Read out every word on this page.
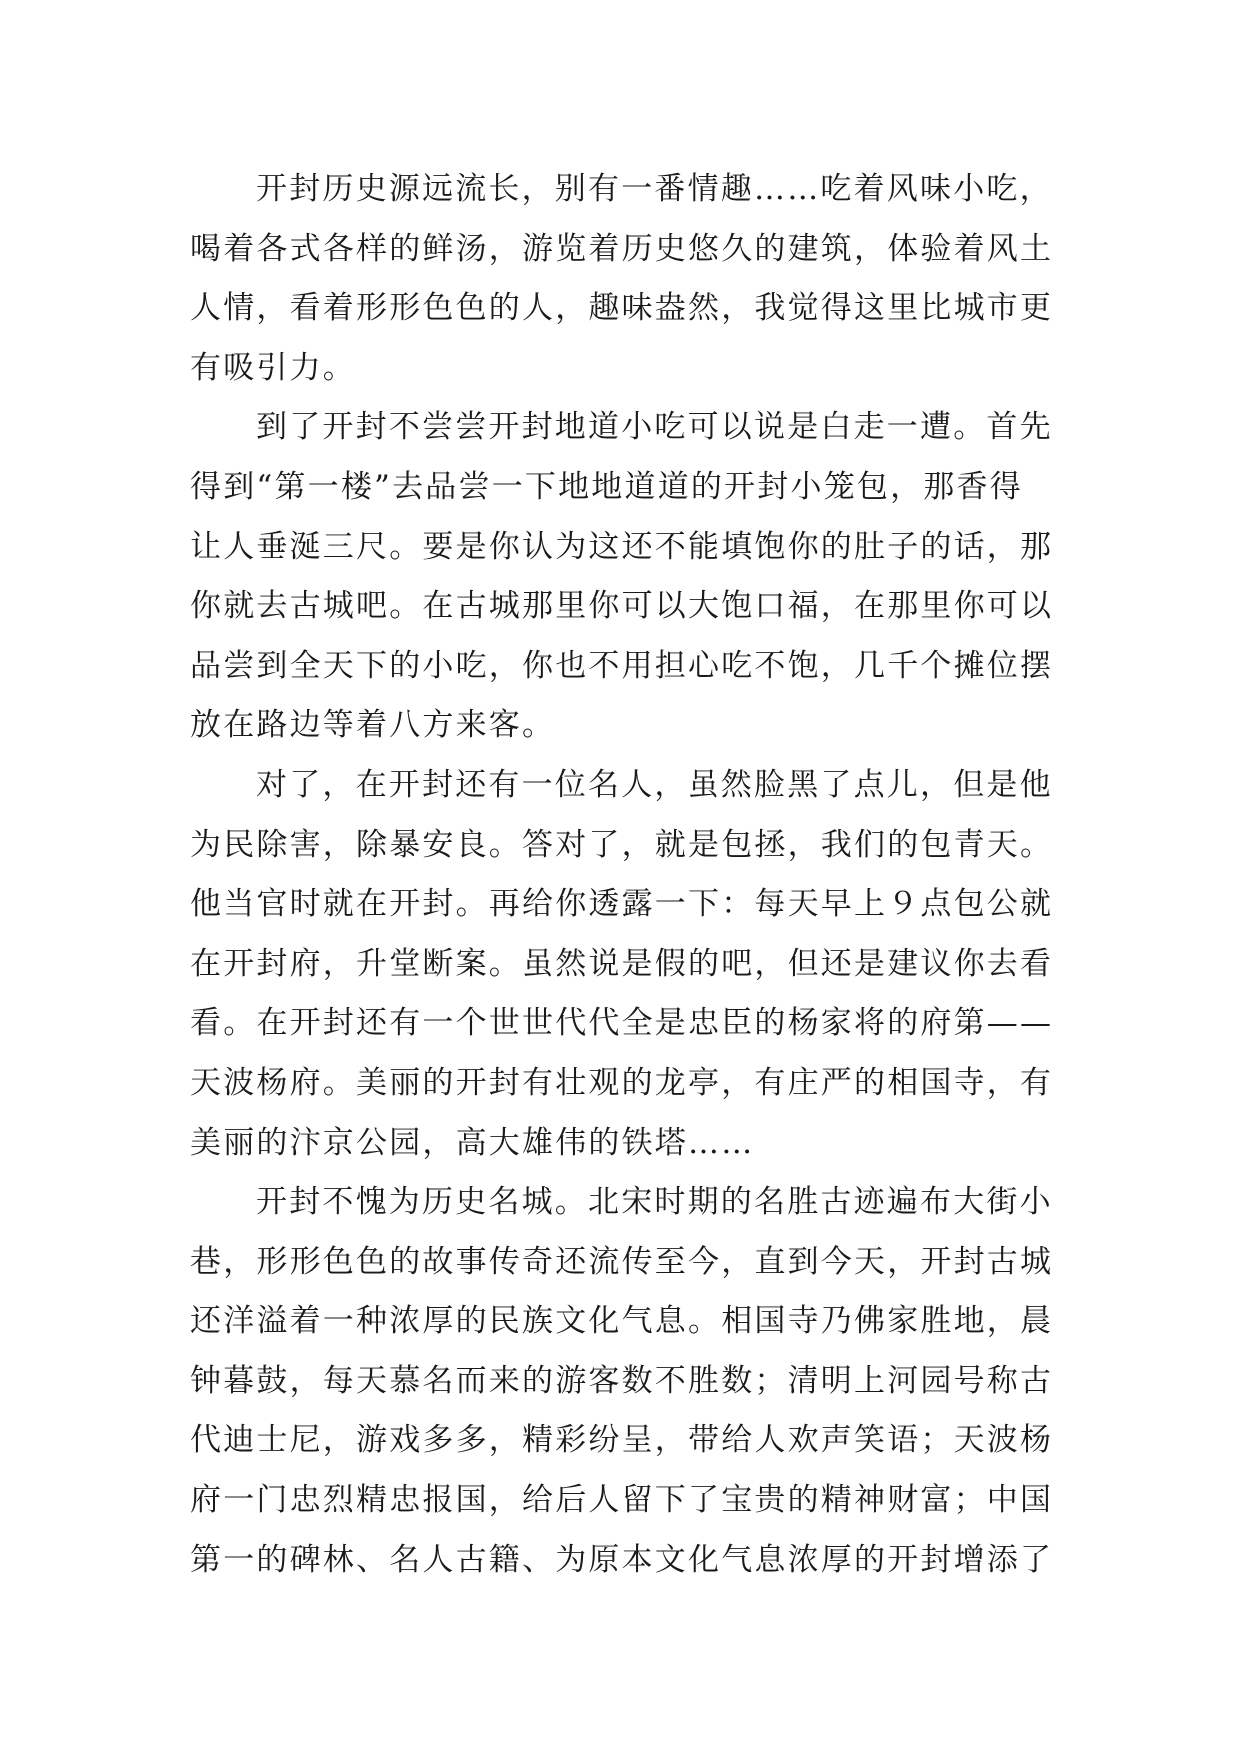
开封历史源远流长，别有一番情趣……吃着风味小吃，
喝着各式各样的鲜汤，游览着历史悠久的建筑，体验着风土
人情，看着形形色色的人，趣味盎然，我觉得这里比城市更
有吸引力。
到了开封不尝尝开封地道小吃可以说是白走一遭。首先
得到“第一楼”去品尝一下地地道道的开封小笼包，那香得
让人垂涎三尺。要是你认为这还不能填饱你的肚子的话，那
你就去古城吧。在古城那里你可以大饱口福，在那里你可以
品尝到全天下的小吃，你也不用担心吃不饱，几千个摊位摆
放在路边等着八方来客。
对了，在开封还有一位名人，虽然脸黑了点儿，但是他
为民除害，除暴安良。答对了，就是包拯，我们的包青天。
他当官时就在开封。再给你透露一下：每天早上９点包公就
在开封府，升堂断案。虽然说是假的吧，但还是建议你去看
看。在开封还有一个世世代代全是忠臣的杨家将的府第——
天波杨府。美丽的开封有壮观的龙亭，有庄严的相国寺，有
美丽的汴京公园，高大雄伟的铁塔……
开封不愧为历史名城。北宋时期的名胜古迹遍布大街小
巷，形形色色的故事传奇还流传至今，直到今天，开封古城
还洋溢着一种浓厚的民族文化气息。相国寺乃佛家胜地，晨
钟暮鼓，每天慕名而来的游客数不胜数；清明上河园号称古
代迪士尼，游戏多多，精彩纷呈，带给人欢声笑语；天波杨
府一门忠烈精忠报国，给后人留下了宝贵的精神财富；中国
第一的碑林、名人古籍、为原本文化气息浓厚的开封增添了
